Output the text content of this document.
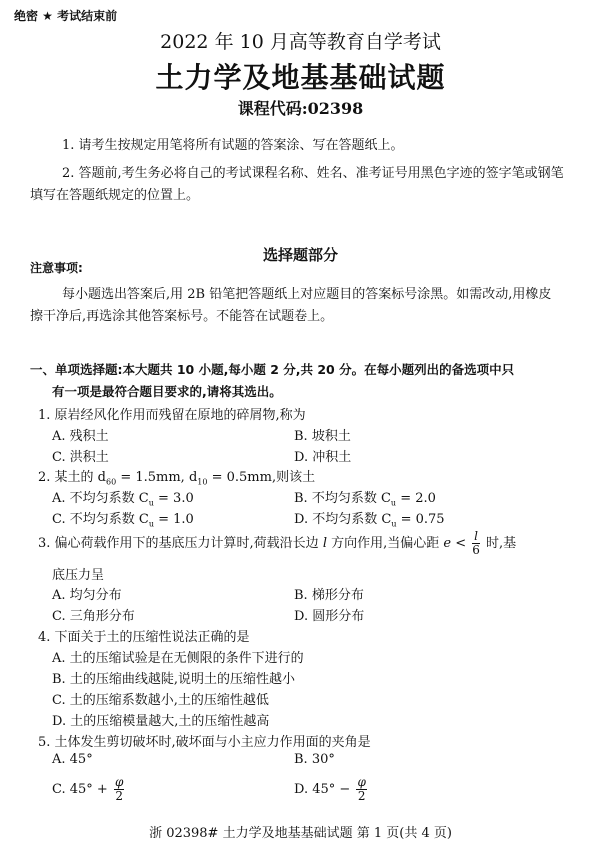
绝密 ★ 考试结束前
2022 年 10 月高等教育自学考试
土力学及地基基础试题
课程代码:02398
1. 请考生按规定用笔将所有试题的答案涂、写在答题纸上。
2. 答题前,考生务必将自己的考试课程名称、姓名、准考证号用黑色字迹的签字笔或钢笔
填写在答题纸规定的位置上。
选择题部分
注意事项:
每小题选出答案后,用 2B 铅笔把答题纸上对应题目的答案标号涂黑。如需改动,用橡皮
擦干净后,再选涂其他答案标号。不能答在试题卷上。
一、单项选择题:本大题共 10 小题,每小题 2 分,共 20 分。在每小题列出的备选项中只
有一项是最符合题目要求的,请将其选出。
1. 原岩经风化作用而残留在原地的碎屑物,称为
A. 残积土	B. 坡积土
C. 洪积土	D. 冲积土
2. 某土的 $d_{60} = 1.5mm$, $d_{10} = 0.5mm$,则该土
A. 不均匀系数 $C_u = 3.0$	B. 不均匀系数 $C_u = 2.0$
C. 不均匀系数 $C_u = 1.0$	D. 不均匀系数 $C_u = 0.75$
3. 偏心荷载作用下的基底压力计算时,荷载沿长边 l 方向作用,当偏心距 $e < \frac{l}{6}$ 时,基
底压力呈
A. 均匀分布	B. 梯形分布
C. 三角形分布	D. 圆形分布
4. 下面关于土的压缩性说法正确的是
A. 土的压缩试验是在无侧限的条件下进行的
B. 土的压缩曲线越陡,说明土的压缩性越小
C. 土的压缩系数越小,土的压缩性越低
D. 土的压缩模量越大,土的压缩性越高
5. 土体发生剪切破坏时,破坏面与小主应力作用面的夹角是
A. 45°	B. 30°
C. $45^\circ + \frac{\varphi}{2}$	D. $45^\circ - \frac{\varphi}{2}$
浙 02398# 土力学及地基基础试题 第 1 页(共 4 页)
